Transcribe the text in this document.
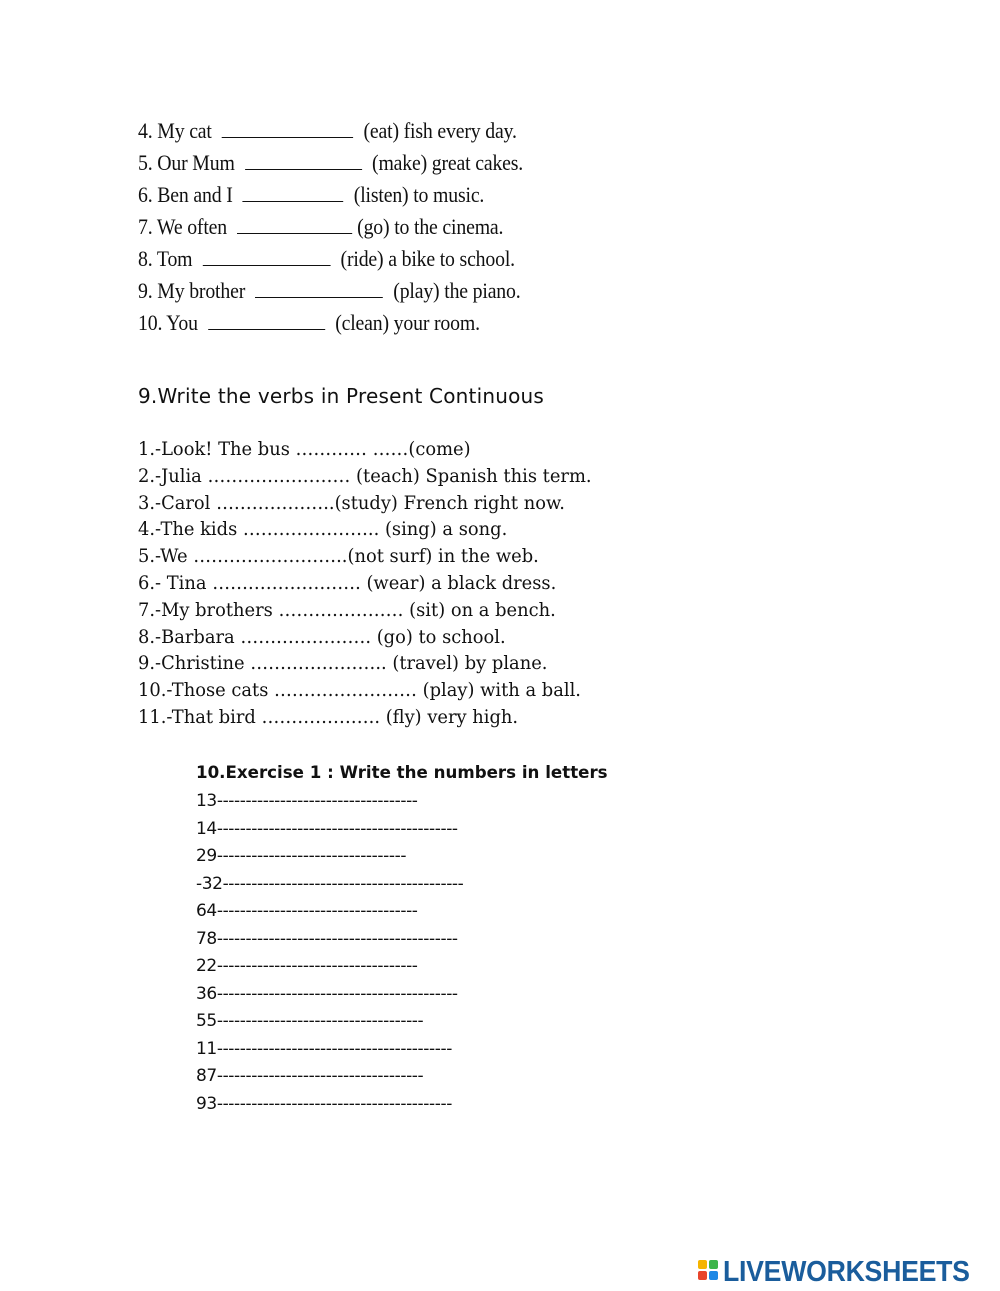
4. My cat	(eat) fish every day.
5. Our Mum	(make) great cakes.
6. Ben and I	(listen) to music.
7. We often	(go) to the cinema.
8. Tom	(ride) a bike to school.
9. My brother	(play) the piano.
10. You	(clean) your room.
9.Write the verbs in Present Continuous
1.-Look! The bus ………… ……(come)
2.-Julia …………………… (teach) Spanish this term.
3.-Carol ………………..(study) French right now.
4.-The kids ………………….. (sing) a song.
5.-We ……………………..(not surf) in the web.
6.- Tina ……………………. (wear) a black dress.
7.-My brothers ………………… (sit) on a bench.
8.-Barbara …………………. (go) to school.
9.-Christine ………………….. (travel) by plane.
10.-Those cats …………………… (play) with a ball.
11.-That bird ……………….. (fly) very high.
10.Exercise 1 : Write the numbers in letters
13-----------------------------------
14------------------------------------------
29---------------------------------
-32------------------------------------------
64-----------------------------------
78------------------------------------------
22-----------------------------------
36------------------------------------------
55------------------------------------
11-----------------------------------------
87------------------------------------
93-----------------------------------------
LIVEWORKSHEETS
